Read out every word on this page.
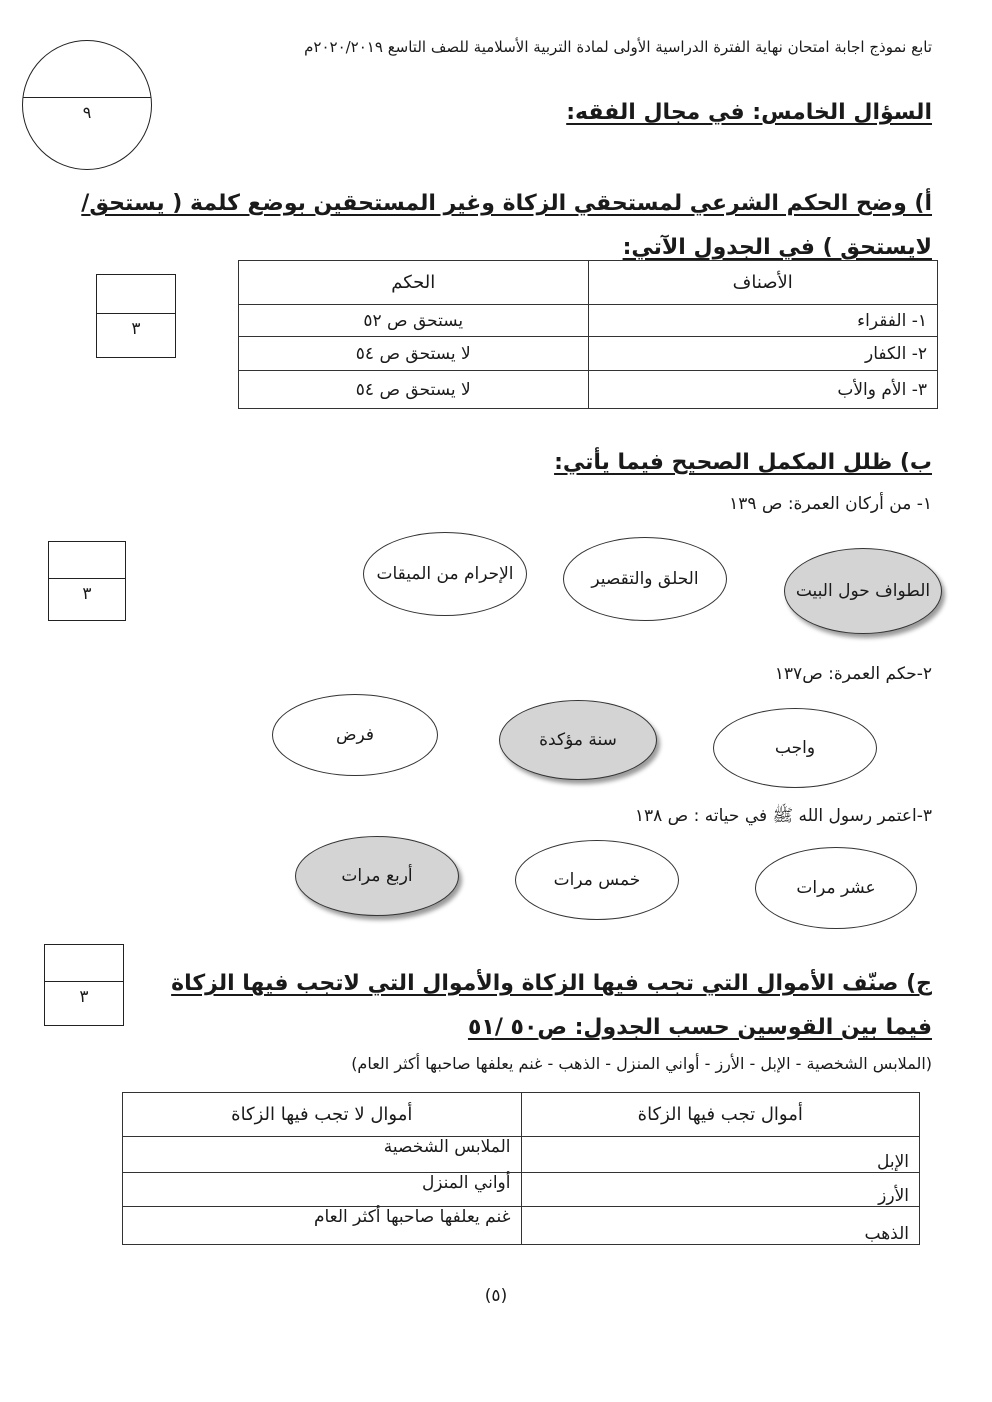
تابع نموذج اجابة امتحان نهاية الفترة الدراسية الأولى لمادة التربية الأسلامية للصف التاسع ٢٠٢٠/٢٠١٩م
٩	السؤال الخامس: في مجال الفقه:
أ) وضح الحكم الشرعي لمستحقي الزكاة وغير المستحقين بوضع كلمة ( يستحق/ لايستحق ) في الجدول الآتي:
٣
الأصناف	الحكم
١- الفقراء	يستحق ص ٥٢
٢- الكفار	لا يستحق ص ٥٤
٣- الأم والأب	لا يستحق ص ٥٤
ب) ظلل المكمل الصحيح فيما يأتي:
٣
١- من أركان العمرة: ص ١٣٩
الطواف حول البيت
الحلق والتقصير
الإحرام من الميقات
٢-حكم العمرة: ص١٣٧
واجب
سنة مؤكدة
فرض
٣-اعتمر رسول الله ﷺ في حياته : ص ١٣٨
عشر مرات
خمس مرات
أربع مرات
٣
ج) صنّف الأموال التي تجب فيها الزكاة والأموال التي لاتجب فيها الزكاة فيما بين القوسين حسب الجدول: ص٥٠ /٥١
(الملابس الشخصية - الإبل - الأرز - أواني المنزل - الذهب - غنم يعلفها صاحبها أكثر العام)
أموال تجب فيها الزكاة	أموال لا تجب فيها الزكاة
الإبل	الملابس الشخصية
الأرز	أواني المنزل
الذهب	غنم يعلفها صاحبها أكثر العام
(٥)
